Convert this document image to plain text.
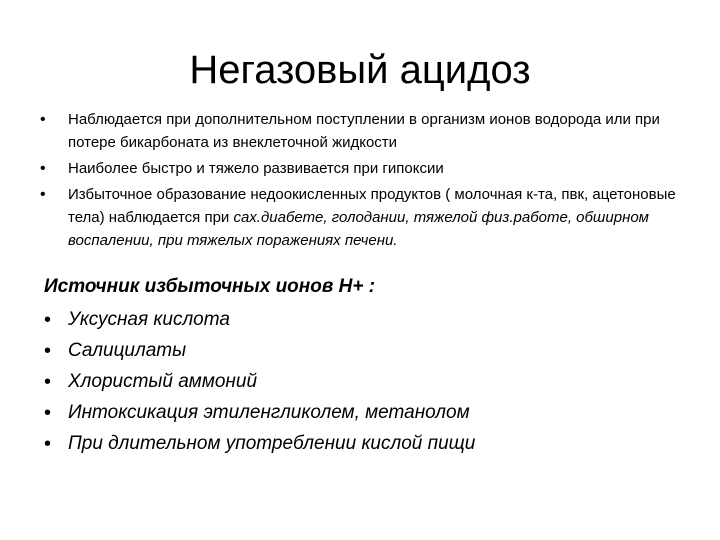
Негазовый ацидоз
• Наблюдается при дополнительном поступлении в организм ионов водорода или при потере бикарбоната из внеклеточной жидкости
• Наиболее быстро и тяжело развивается при гипоксии
• Избыточное образование недоокисленных продуктов ( молочная к-та, пвк, ацетоновые тела) наблюдается при сах.диабете, голодании, тяжелой физ.работе, обширном воспалении, при тяжелых поражениях печени.
Источник избыточных ионов Н+ :
• Уксусная кислота
• Салицилаты
• Хлористый аммоний
• Интоксикация этиленгликолем, метанолом
• При длительном употреблении кислой пищи
